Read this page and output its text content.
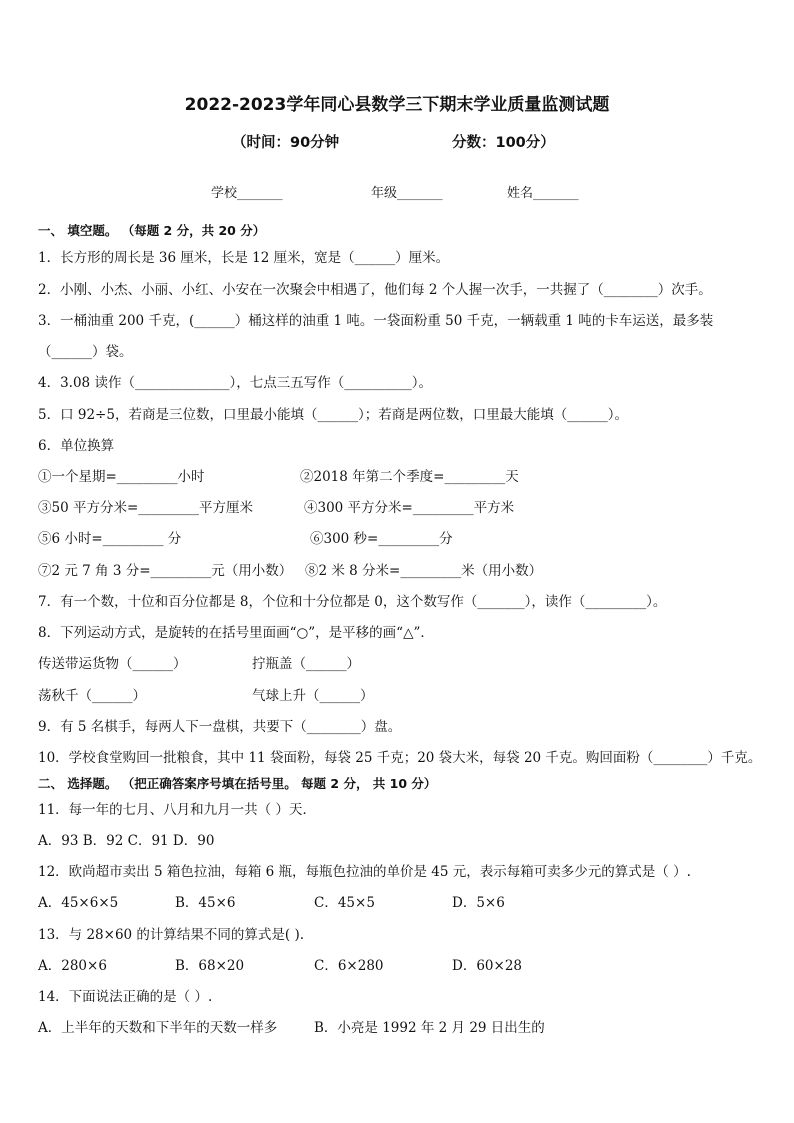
2022-2023学年同心县数学三下期末学业质量监测试题
（时间：90分钟	分数：100分）
学校_______	年级_______	姓名_______
一、 填空题。 （每题 2 分，共 20 分）
1．长方形的周长是 36 厘米，长是 12 厘米，宽是（______）厘米。
2．小刚、小杰、小丽、小红、小安在一次聚会中相遇了，他们每 2 个人握一次手，一共握了（________）次手。
3．一桶油重 200 千克，(______）桶这样的油重 1 吨。一袋面粉重 50 千克，一辆载重 1 吨的卡车运送，最多装
（______）袋。
4．3.08 读作（______________），七点三五写作（__________）。
5．口 92÷5，若商是三位数，口里最小能填（______）；若商是两位数，口里最大能填（______）。
6．单位换算
①一个星期=_________小时	②2018 年第二个季度=_________天
③50 平方分米=_________平方厘米	④300 平方分米=_________平方米
⑤6 小时=_________ 分	⑥300 秒=_________分
⑦2 元 7 角 3 分=_________元（用小数） ⑧2 米 8 分米=_________米（用小数）
7．有一个数，十位和百分位都是 8，个位和十分位都是 0，这个数写作（_______），读作（_________）。
8．下列运动方式，是旋转的在括号里面画“○”，是平移的画“△”．
传送带运货物（______）	拧瓶盖（______）
荡秋千（______）	气球上升（______）
9．有 5 名棋手，每两人下一盘棋，共要下（________）盘。
10．学校食堂购回一批粮食，其中 11 袋面粉，每袋 25 千克；20 袋大米，每袋 20 千克。购回面粉（________）千克。
二、 选择题。 （把正确答案序号填在括号里。 每题 2 分， 共 10 分）
11．每一年的七月、八月和九月一共（ ）天．
A．93 B．92 C．91 D．90
12．欧尚超市卖出 5 箱色拉油，每箱 6 瓶，每瓶色拉油的单价是 45 元，表示每箱可卖多少元的算式是（ ）.
A．45×6×5	B．45×6	C．45×5	D．5×6
13．与 28×60 的计算结果不同的算式是( ).
A．280×6	B．68×20	C．6×280	D．60×28
14．下面说法正确的是（ ）.
A．上半年的天数和下半年的天数一样多	B．小亮是 1992 年 2 月 29 日出生的
